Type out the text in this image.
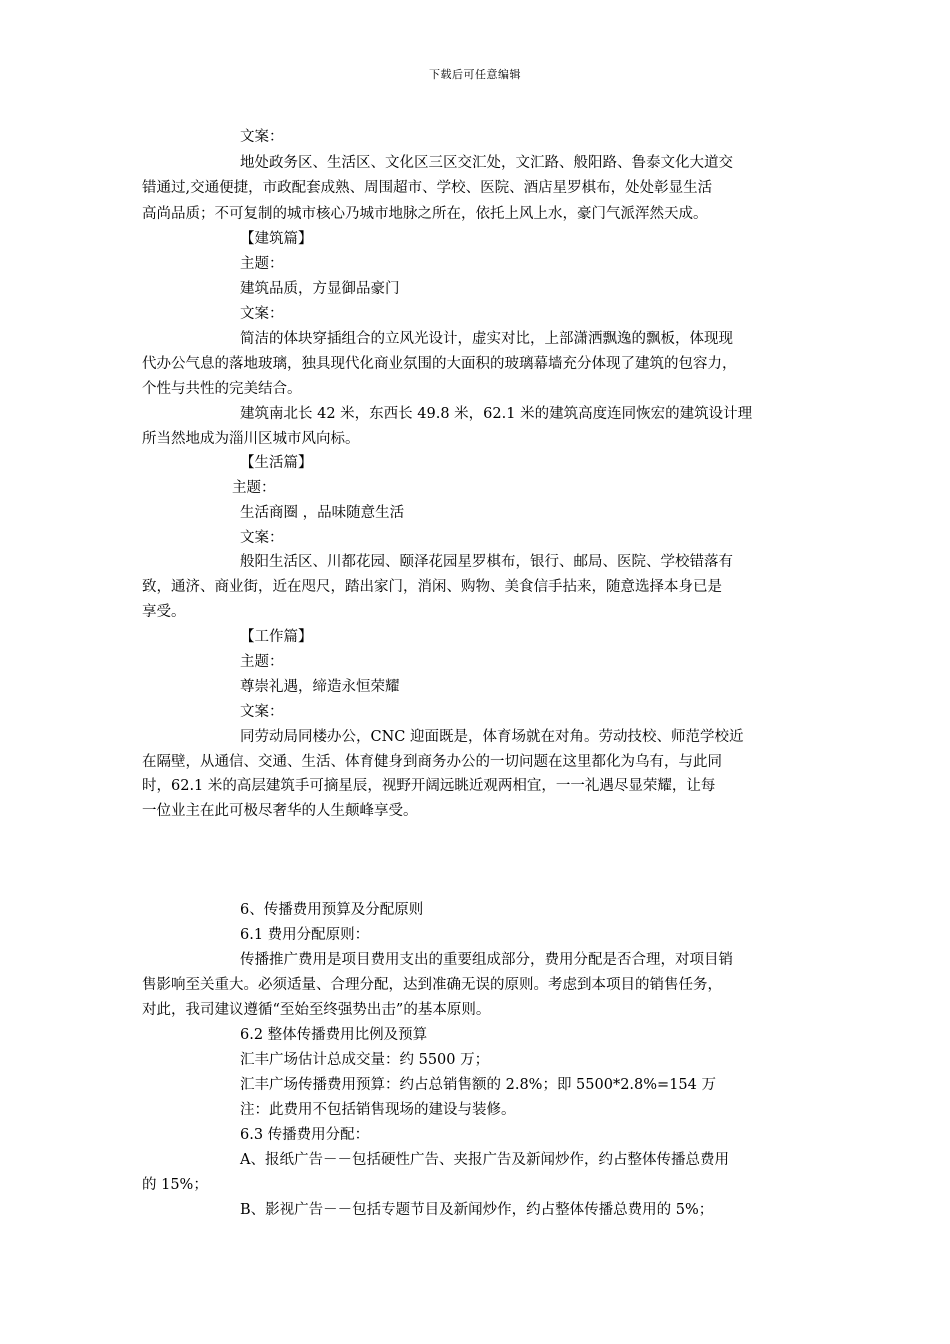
下载后可任意编辑
文案：
地处政务区、生活区、文化区三区交汇处，文汇路、般阳路、鲁泰文化大道交
错通过,交通便捷，市政配套成熟、周围超市、学校、医院、酒店星罗棋布，处处彰显生活
高尚品质；不可复制的城市核心乃城市地脉之所在，依托上风上水，豪门气派浑然天成。
【建筑篇】
主题：
建筑品质，方显御品豪门
文案：
简洁的体块穿插组合的立风光设计，虚实对比，上部潇洒飘逸的飘板，体现现
代办公气息的落地玻璃，独具现代化商业氛围的大面积的玻璃幕墙充分体现了建筑的包容力，
个性与共性的完美结合。
建筑南北长 42 米，东西长 49.8 米，62.1 米的建筑高度连同恢宏的建筑设计理
所当然地成为淄川区城市风向标。
【生活篇】
主题：
生活商圈 ，品味随意生活
文案：
般阳生活区、川都花园、颐泽花园星罗棋布，银行、邮局、医院、学校错落有
致，通济、商业街，近在咫尺，踏出家门，消闲、购物、美食信手拈来，随意选择本身已是
享受。
【工作篇】
主题：
尊崇礼遇，缔造永恒荣耀
文案：
同劳动局同楼办公，CNC 迎面既是，体育场就在对角。劳动技校、师范学校近
在隔壁，从通信、交通、生活、体育健身到商务办公的一切问题在这里都化为乌有，与此同
时，62.1 米的高层建筑手可摘星辰，视野开阔远眺近观两相宜，一一礼遇尽显荣耀，让每
一位业主在此可极尽奢华的人生颠峰享受。
6、传播费用预算及分配原则
6.1 费用分配原则：
传播推广费用是项目费用支出的重要组成部分，费用分配是否合理，对项目销
售影响至关重大。必须适量、合理分配，达到准确无误的原则。考虑到本项目的销售任务，
对此，我司建议遵循“至始至终强势出击”的基本原则。
6.2 整体传播费用比例及预算
汇丰广场估计总成交量：约 5500 万；
汇丰广场传播费用预算：约占总销售额的 2.8%；即 5500*2.8%=154 万
注：此费用不包括销售现场的建设与装修。
6.3 传播费用分配：
A、报纸广告－－包括硬性广告、夹报广告及新闻炒作，约占整体传播总费用
的 15%；
B、影视广告－－包括专题节目及新闻炒作，约占整体传播总费用的 5%；
